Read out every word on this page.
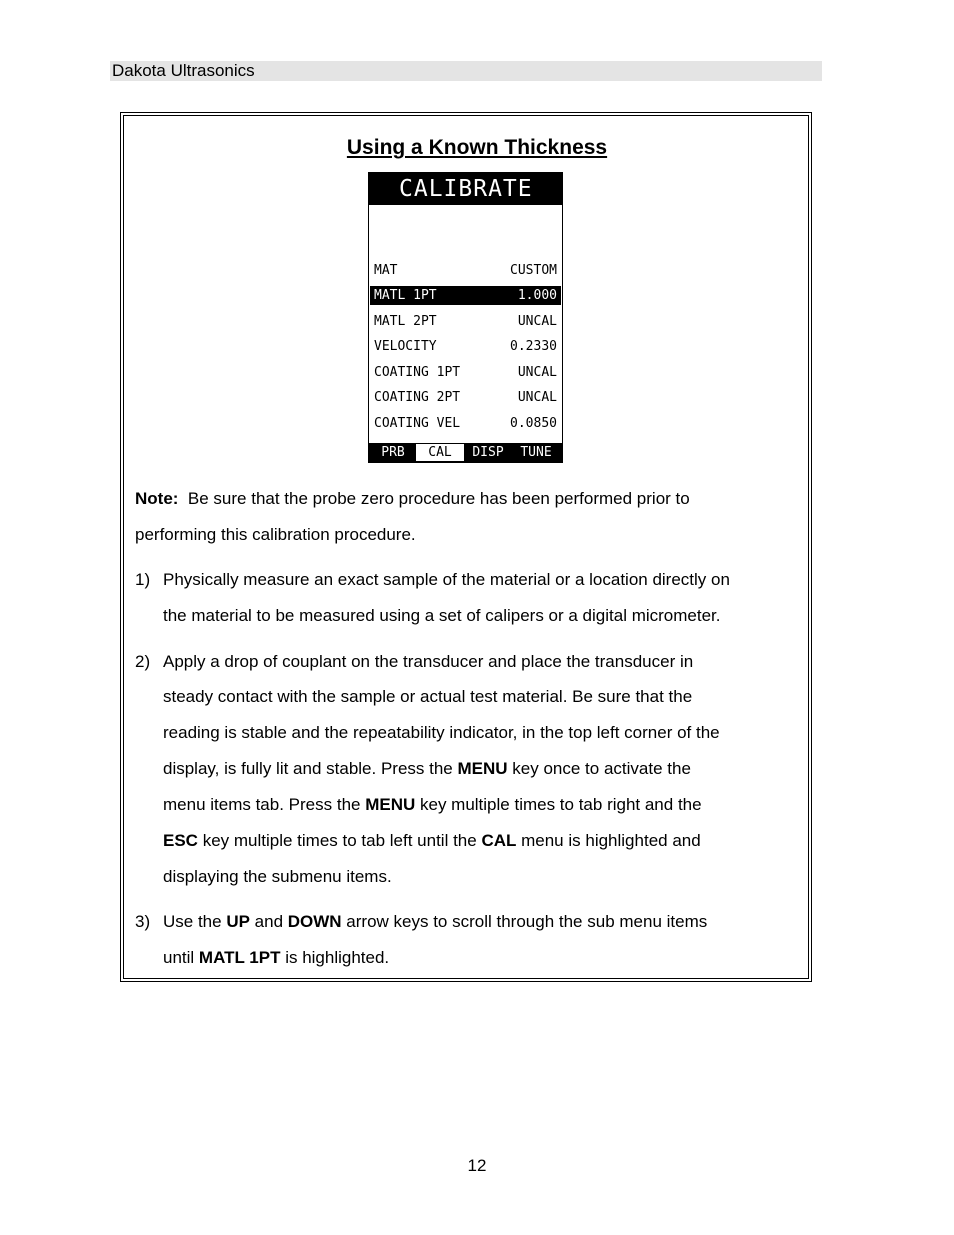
Dakota Ultrasonics
Using a Known Thickness
CALIBRATE
MAT	CUSTOM
MATL 1PT	1.000
MATL 2PT	UNCAL
VELOCITY	0.2330
COATING 1PT	UNCAL
COATING 2PT	UNCAL
COATING VEL	0.0850
PRB	CAL	DISP	TUNE
Note: Be sure that the probe zero procedure has been performed prior to
performing this calibration procedure.
1) Physically measure an exact sample of the material or a location directly on
the material to be measured using a set of calipers or a digital micrometer.
2) Apply a drop of couplant on the transducer and place the transducer in
steady contact with the sample or actual test material. Be sure that the
reading is stable and the repeatability indicator, in the top left corner of the
display, is fully lit and stable. Press the MENU key once to activate the
menu items tab. Press the MENU key multiple times to tab right and the
ESC key multiple times to tab left until the CAL menu is highlighted and
displaying the submenu items.
3) Use the UP and DOWN arrow keys to scroll through the sub menu items
until MATL 1PT is highlighted.
12
